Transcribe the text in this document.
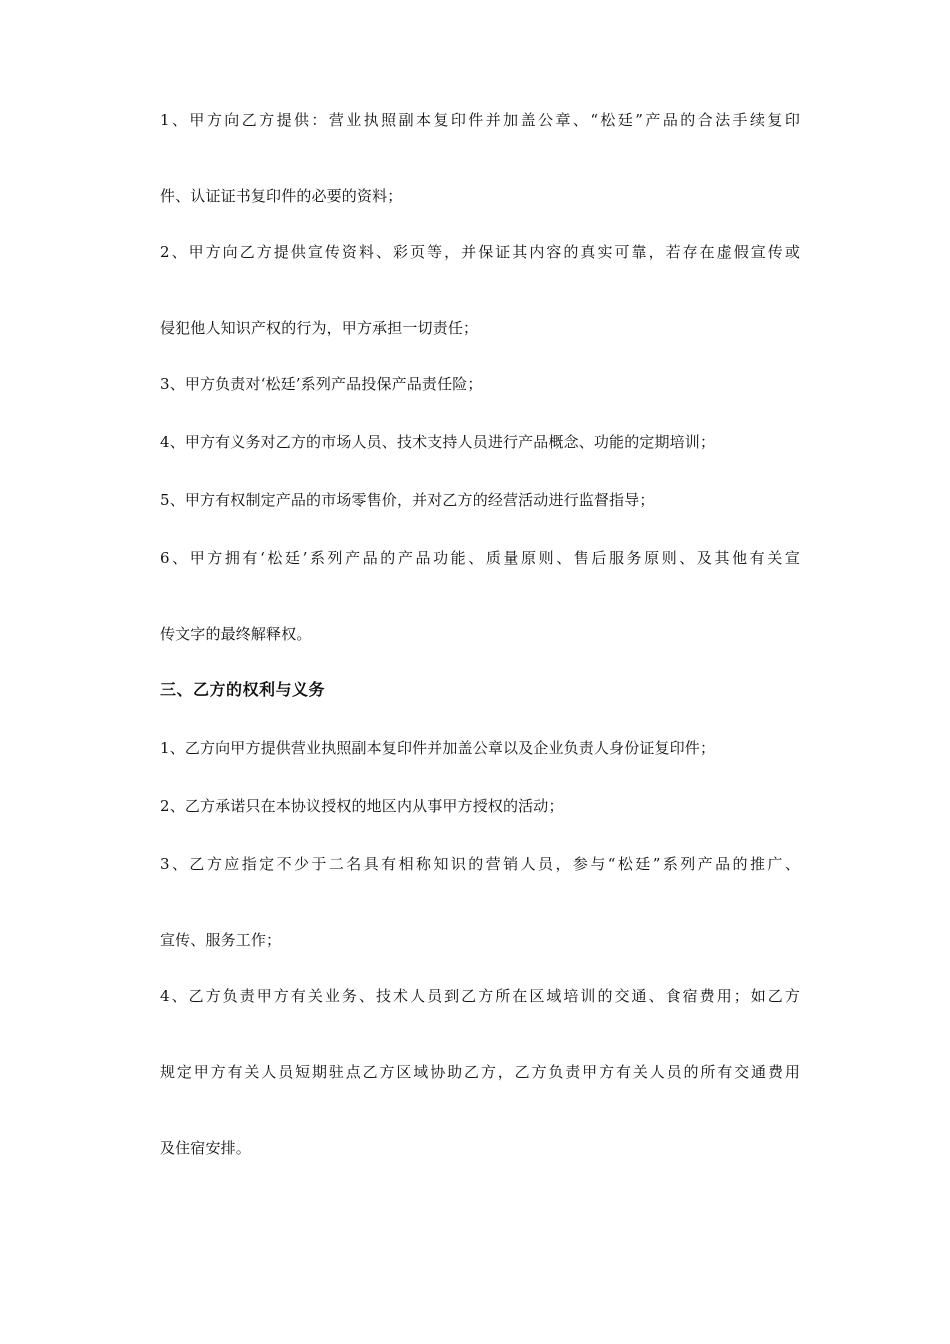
1、甲方向乙方提供：营业执照副本复印件并加盖公章、“松廷”产品的合法手续复印
件、认证证书复印件的必要的资料；
2、甲方向乙方提供宣传资料、彩页等，并保证其内容的真实可靠，若存在虚假宣传或
侵犯他人知识产权的行为，甲方承担一切责任；
3、甲方负责对‘松廷’系列产品投保产品责任险；
4、甲方有义务对乙方的市场人员、技术支持人员进行产品概念、功能的定期培训；
5、甲方有权制定产品的市场零售价，并对乙方的经营活动进行监督指导；
6、甲方拥有‘松廷’系列产品的产品功能、质量原则、售后服务原则、及其他有关宣
传文字的最终解释权。
三、乙方的权利与义务
1、乙方向甲方提供营业执照副本复印件并加盖公章以及企业负责人身份证复印件；
2、乙方承诺只在本协议授权的地区内从事甲方授权的活动；
3、乙方应指定不少于二名具有相称知识的营销人员，参与“松廷”系列产品的推广、
宣传、服务工作；
4、乙方负责甲方有关业务、技术人员到乙方所在区域培训的交通、食宿费用；如乙方
规定甲方有关人员短期驻点乙方区域协助乙方，乙方负责甲方有关人员的所有交通费用
及住宿安排。
